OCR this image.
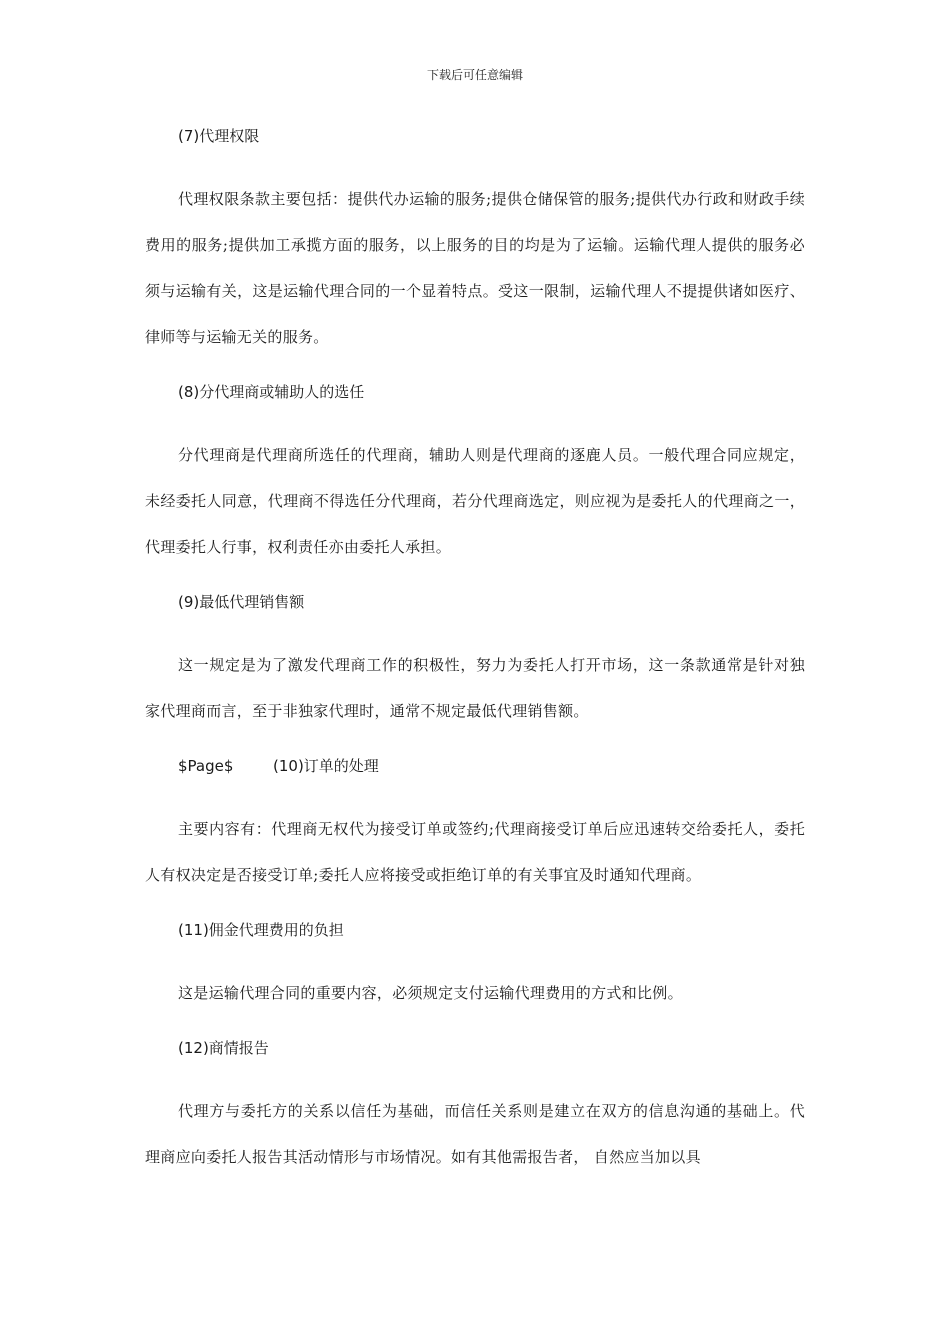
下载后可任意编辑

(7)代理权限

代理权限条款主要包括：提供代办运输的服务;提供仓储保管的服务;提供代办行政和财政手续费用的服务;提供加工承揽方面的服务，以上服务的目的均是为了运输。运输代理人提供的服务必须与运输有关，这是运输代理合同的一个显着特点。受这一限制，运输代理人不提提供诸如医疗、律师等与运输无关的服务。

(8)分代理商或辅助人的选任

分代理商是代理商所选任的代理商，辅助人则是代理商的逐鹿人员。一般代理合同应规定，未经委托人同意，代理商不得选任分代理商，若分代理商选定，则应视为是委托人的代理商之一，代理委托人行事，权利责任亦由委托人承担。

(9)最低代理销售额

这一规定是为了激发代理商工作的积极性，努力为委托人打开市场，这一条款通常是针对独家代理商而言，至于非独家代理时，通常不规定最低代理销售额。

$Page$	(10)订单的处理

主要内容有：代理商无权代为接受订单或签约;代理商接受订单后应迅速转交给委托人，委托人有权决定是否接受订单;委托人应将接受或拒绝订单的有关事宜及时通知代理商。

(11)佣金代理费用的负担

这是运输代理合同的重要内容，必须规定支付运输代理费用的方式和比例。

(12)商情报告

代理方与委托方的关系以信任为基础，而信任关系则是建立在双方的信息沟通的基础上。代理商应向委托人报告其活动情形与市场情况。如有其他需报告者， 自然应当加以具
